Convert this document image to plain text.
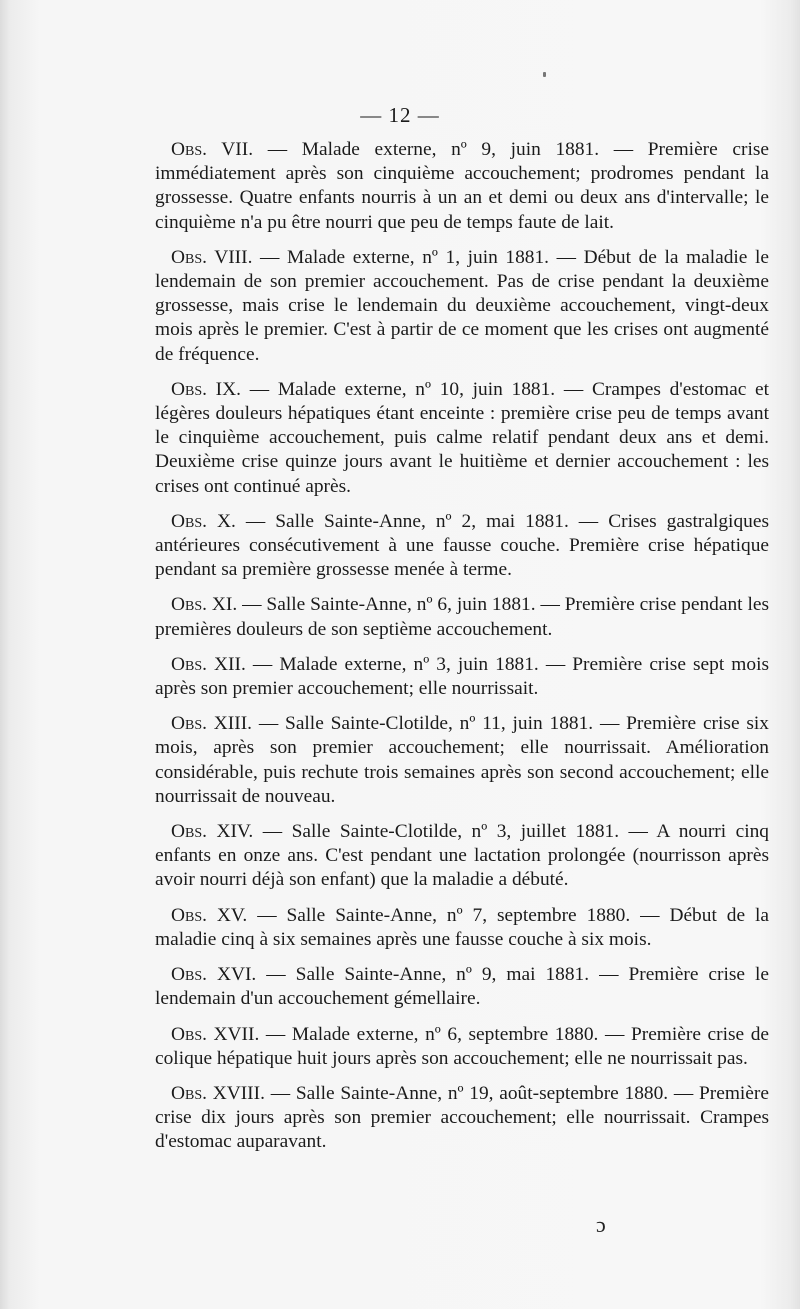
— 12 —

Obs. VII. — Malade externe, nº 9, juin 1881. — Première crise immédiatement après son cinquième accouchement; prodromes pendant la grossesse. Quatre enfants nourris à un an et demi ou deux ans d'intervalle; le cinquième n'a pu être nourri que peu de temps faute de lait.

Obs. VIII. — Malade externe, nº 1, juin 1881. — Début de la maladie le lendemain de son premier accouchement. Pas de crise pendant la deuxième grossesse, mais crise le lendemain du deuxième accouchement, vingt-deux mois après le premier. C'est à partir de ce moment que les crises ont augmenté de fréquence.

Obs. IX. — Malade externe, nº 10, juin 1881. — Crampes d'estomac et légères douleurs hépatiques étant enceinte : première crise peu de temps avant le cinquième accouchement, puis calme relatif pendant deux ans et demi. Deuxième crise quinze jours avant le huitième et dernier accouchement : les crises ont continué après.

Obs. X. — Salle Sainte-Anne, nº 2, mai 1881. — Crises gastralgiques antérieures consécutivement à une fausse couche. Première crise hépatique pendant sa première grossesse menée à terme.

Obs. XI. — Salle Sainte-Anne, nº 6, juin 1881. — Première crise pendant les premières douleurs de son septième accouchement.

Obs. XII. — Malade externe, nº 3, juin 1881. — Première crise sept mois après son premier accouchement; elle nourrissait.

Obs. XIII. — Salle Sainte-Clotilde, nº 11, juin 1881. — Première crise six mois, après son premier accouchement; elle nourrissait. Amélioration considérable, puis rechute trois semaines après son second accouchement; elle nourrissait de nouveau.

Obs. XIV. — Salle Sainte-Clotilde, nº 3, juillet 1881. — A nourri cinq enfants en onze ans. C'est pendant une lactation prolongée (nourrisson après avoir nourri déjà son enfant) que la maladie a débuté.

Obs. XV. — Salle Sainte-Anne, nº 7, septembre 1880. — Début de la maladie cinq à six semaines après une fausse couche à six mois.

Obs. XVI. — Salle Sainte-Anne, nº 9, mai 1881. — Première crise le lendemain d'un accouchement gémellaire.

Obs. XVII. — Malade externe, nº 6, septembre 1880. — Première crise de colique hépatique huit jours après son accouchement; elle ne nourrissait pas.

Obs. XVIII. — Salle Sainte-Anne, nº 19, août-septembre 1880. — Première crise dix jours après son premier accouchement; elle nourrissait. Crampes d'estomac auparavant.

ɔ
